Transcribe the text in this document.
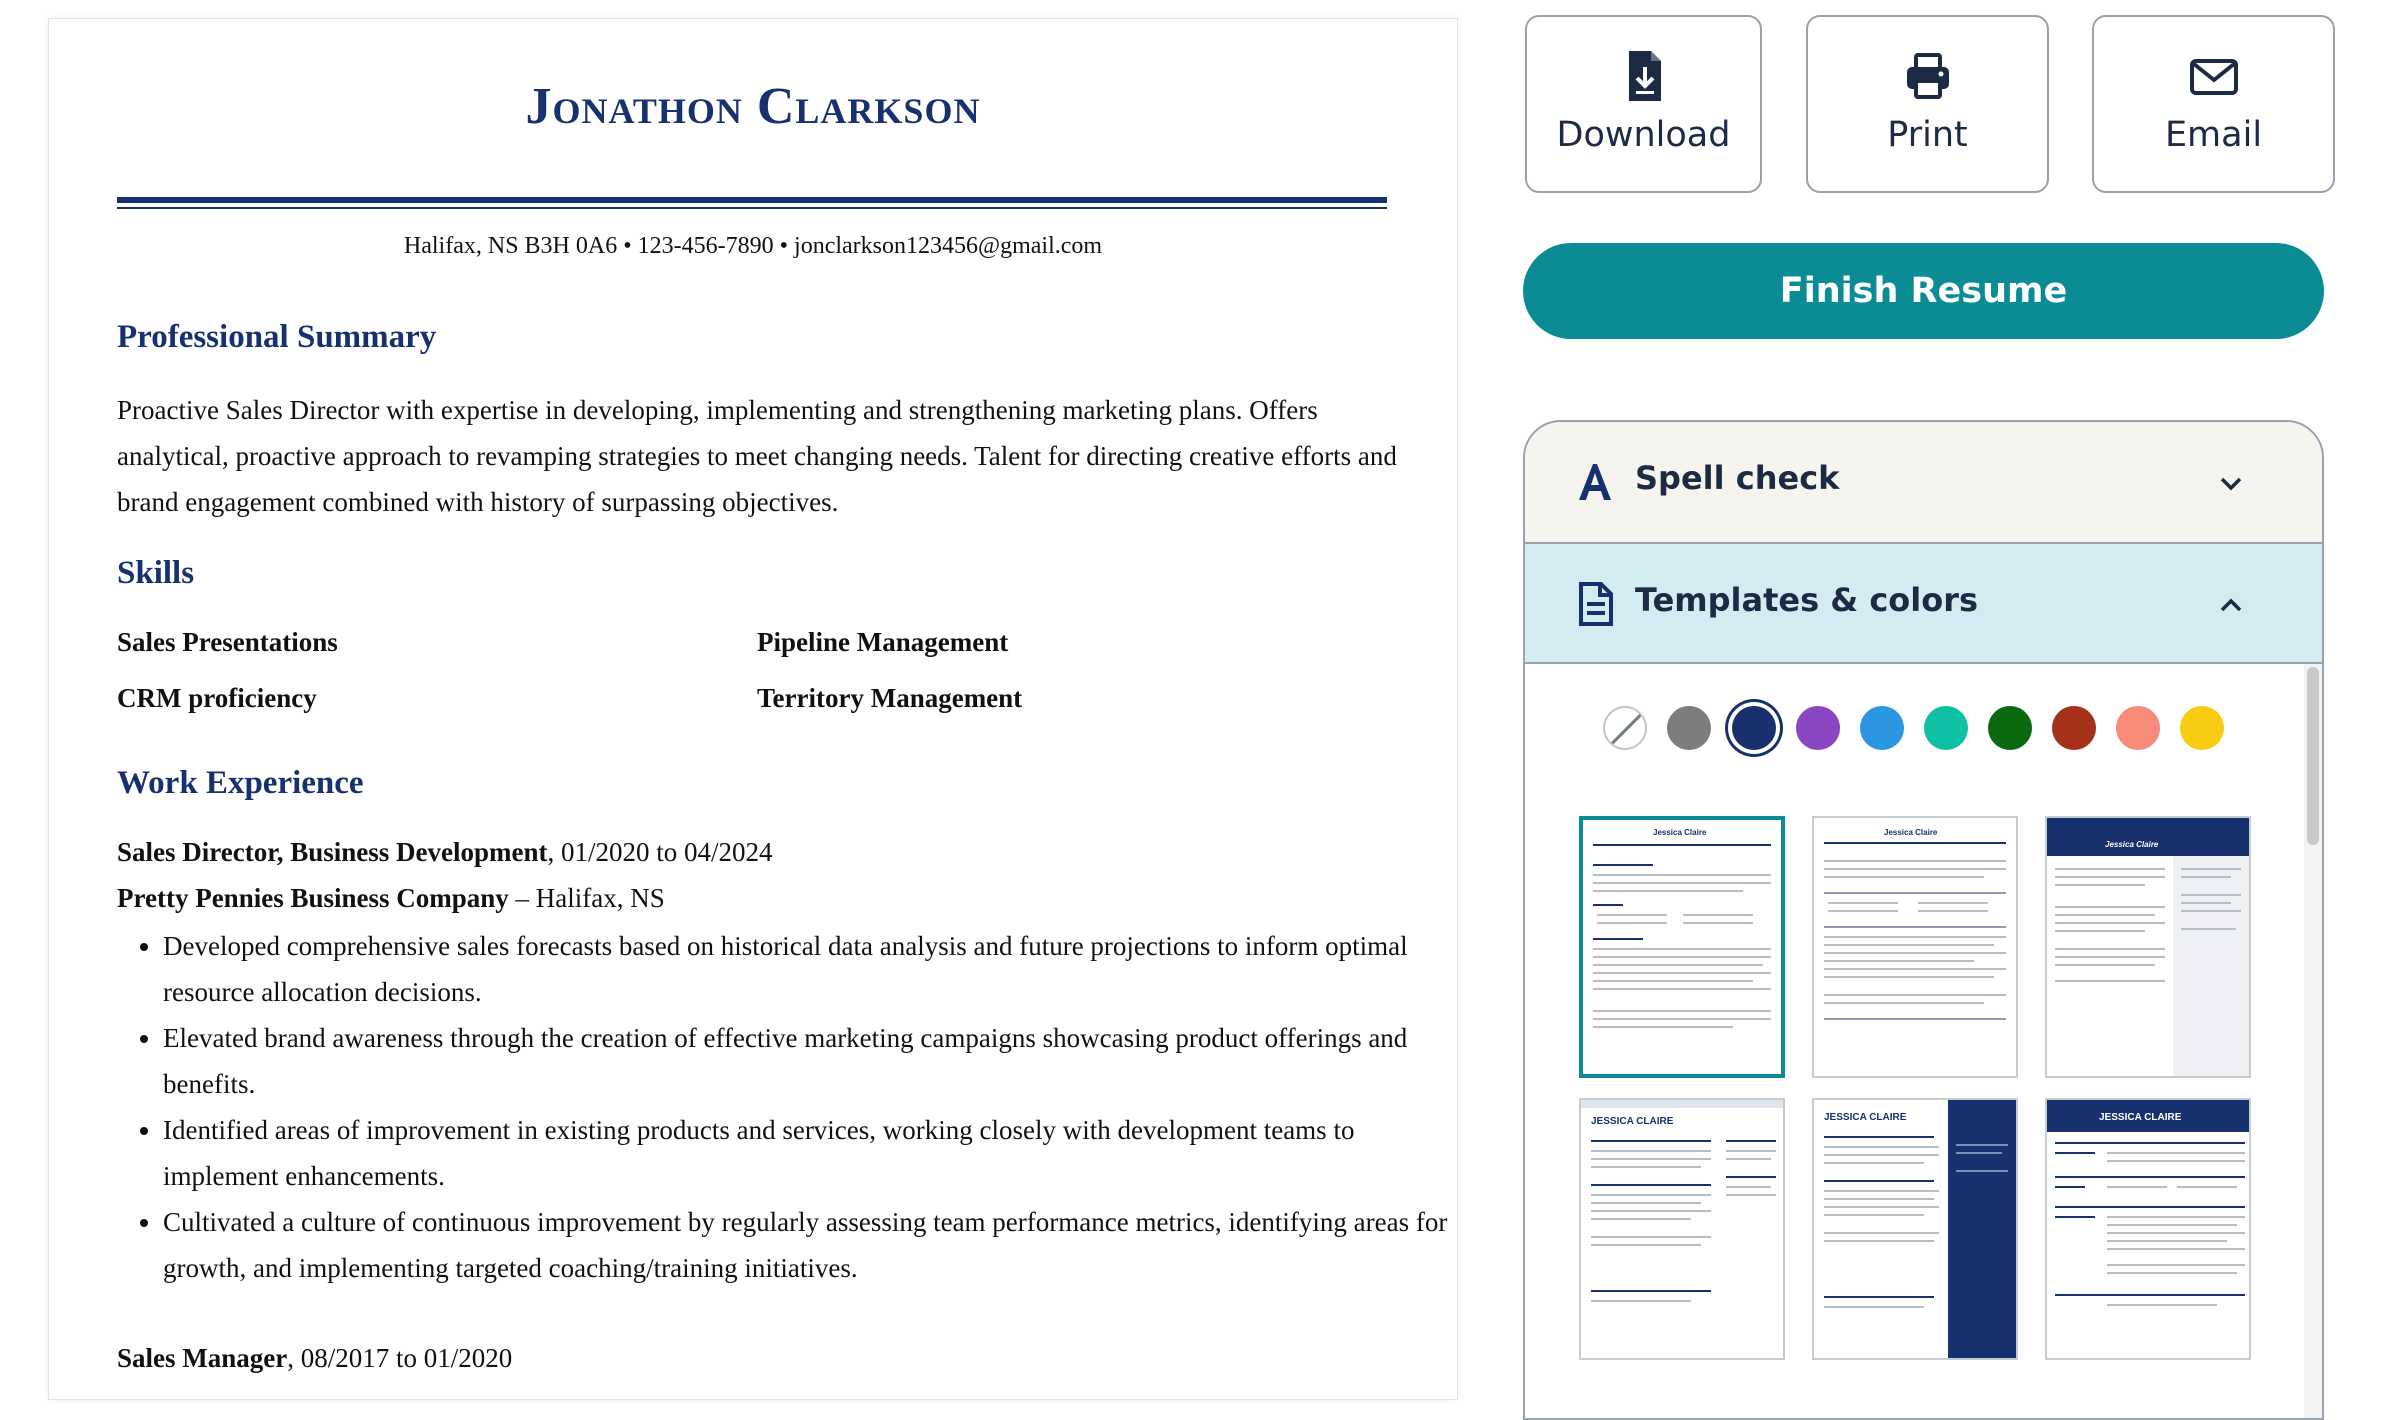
Jonathon Clarkson
Halifax, NS B3H 0A6 • 123-456-7890 • jonclarkson123456@gmail.com
Professional Summary
Proactive Sales Director with expertise in developing, implementing and strengthening marketing plans. Offers analytical, proactive approach to revamping strategies to meet changing needs. Talent for directing creative efforts and brand engagement combined with history of surpassing objectives.
Skills
Sales Presentations	Pipeline Management
CRM proficiency	Territory Management
Work Experience
Sales Director, Business Development, 01/2020 to 04/2024
Pretty Pennies Business Company – Halifax, NS
• Developed comprehensive sales forecasts based on historical data analysis and future projections to inform optimal resource allocation decisions.
• Elevated brand awareness through the creation of effective marketing campaigns showcasing product offerings and benefits.
• Identified areas of improvement in existing products and services, working closely with development teams to implement enhancements.
• Cultivated a culture of continuous improvement by regularly assessing team performance metrics, identifying areas for growth, and implementing targeted coaching/training initiatives.
Sales Manager, 08/2017 to 01/2020
Download	Print	Email
Finish Resume
Spell check
Templates & colors
Jessica Claire	Jessica Claire
Jessica Claire
JESSICA CLAIRE	JESSICA CLAIRE	JESSICA CLAIRE
